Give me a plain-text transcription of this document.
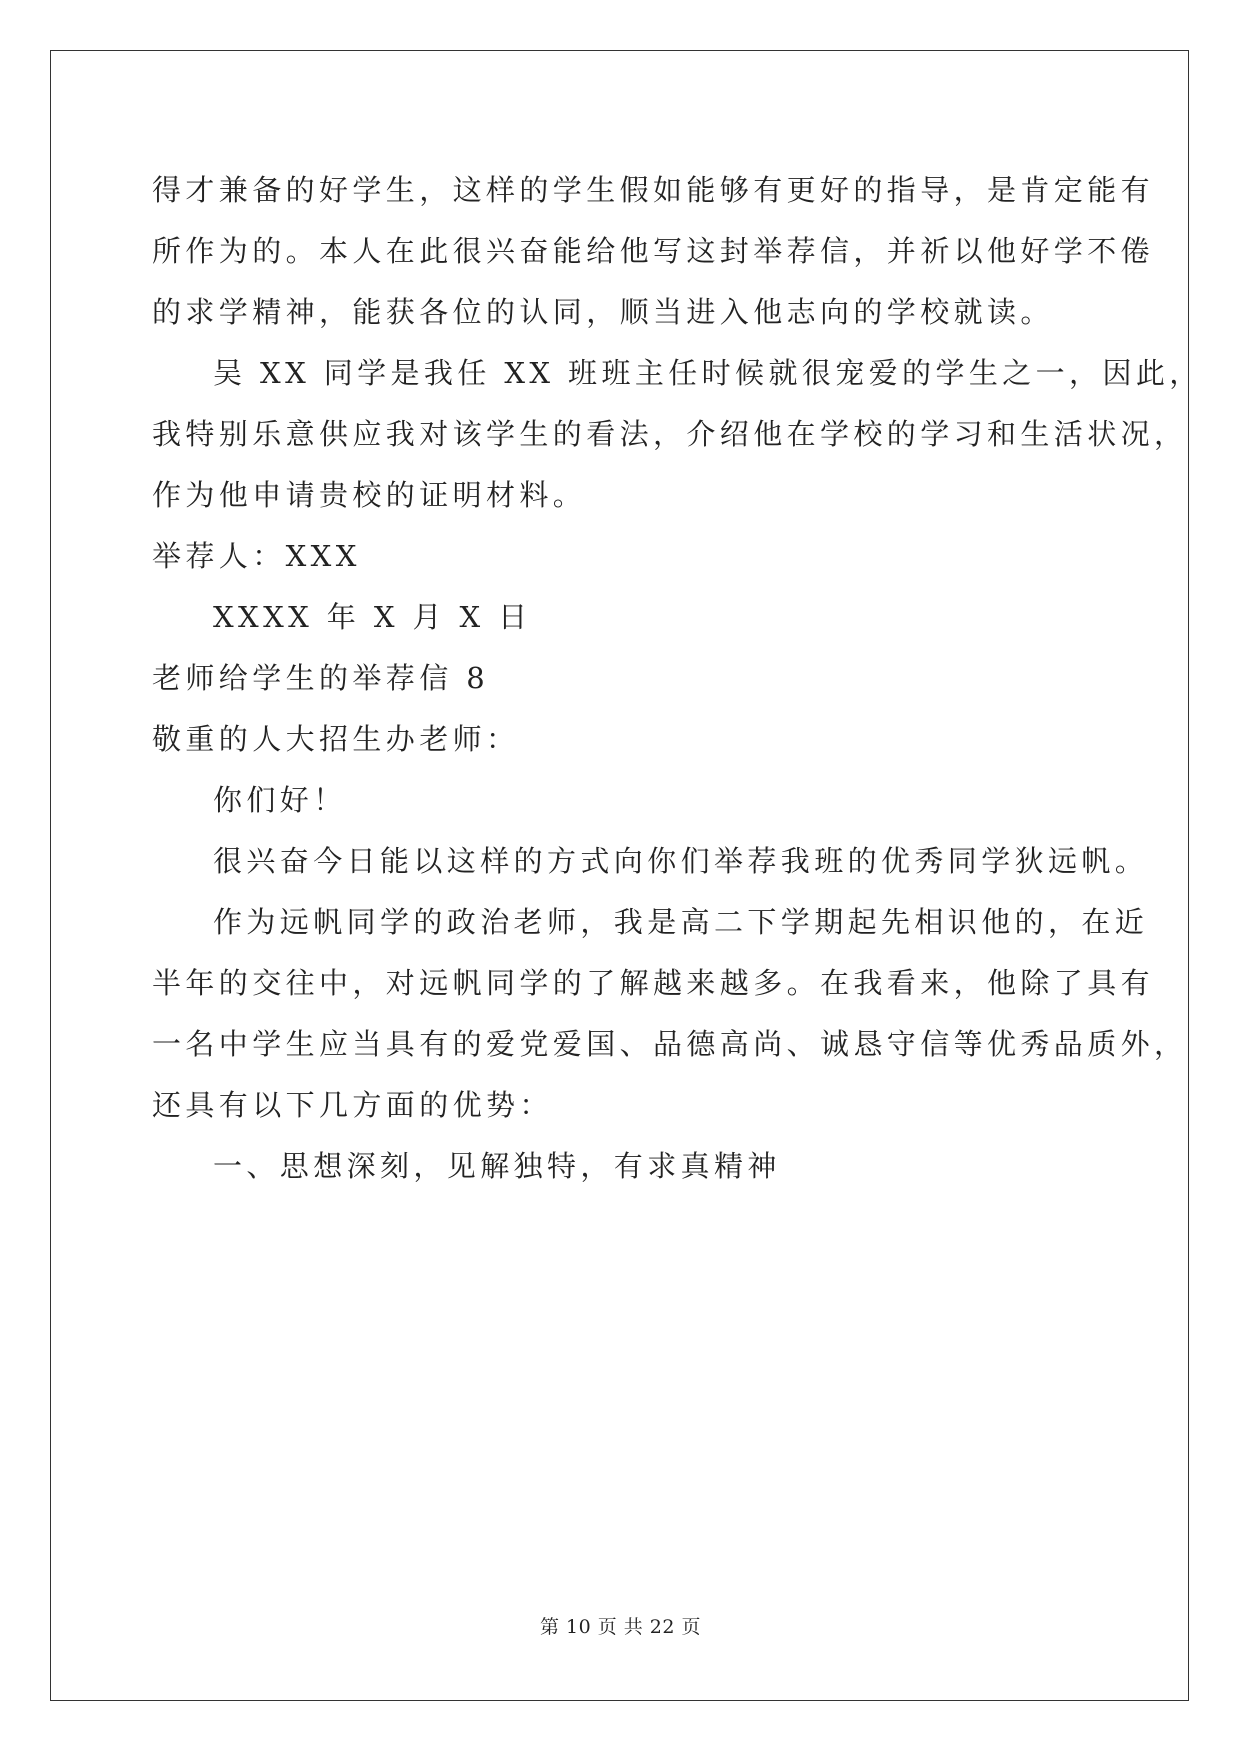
得才兼备的好学生，这样的学生假如能够有更好的指导，是肯定能有
所作为的。本人在此很兴奋能给他写这封举荐信，并祈以他好学不倦
的求学精神，能获各位的认同，顺当进入他志向的学校就读。
吴 XX 同学是我任 XX 班班主任时候就很宠爱的学生之一，因此，
我特别乐意供应我对该学生的看法，介绍他在学校的学习和生活状况，
作为他申请贵校的证明材料。
举荐人：XXX
XXXX 年 X 月 X 日
老师给学生的举荐信 8
敬重的人大招生办老师：
你们好！
很兴奋今日能以这样的方式向你们举荐我班的优秀同学狄远帆。
作为远帆同学的政治老师，我是高二下学期起先相识他的，在近
半年的交往中，对远帆同学的了解越来越多。在我看来，他除了具有
一名中学生应当具有的爱党爱国、品德高尚、诚恳守信等优秀品质外，
还具有以下几方面的优势：
一、思想深刻，见解独特，有求真精神
第 10 页 共 22 页
